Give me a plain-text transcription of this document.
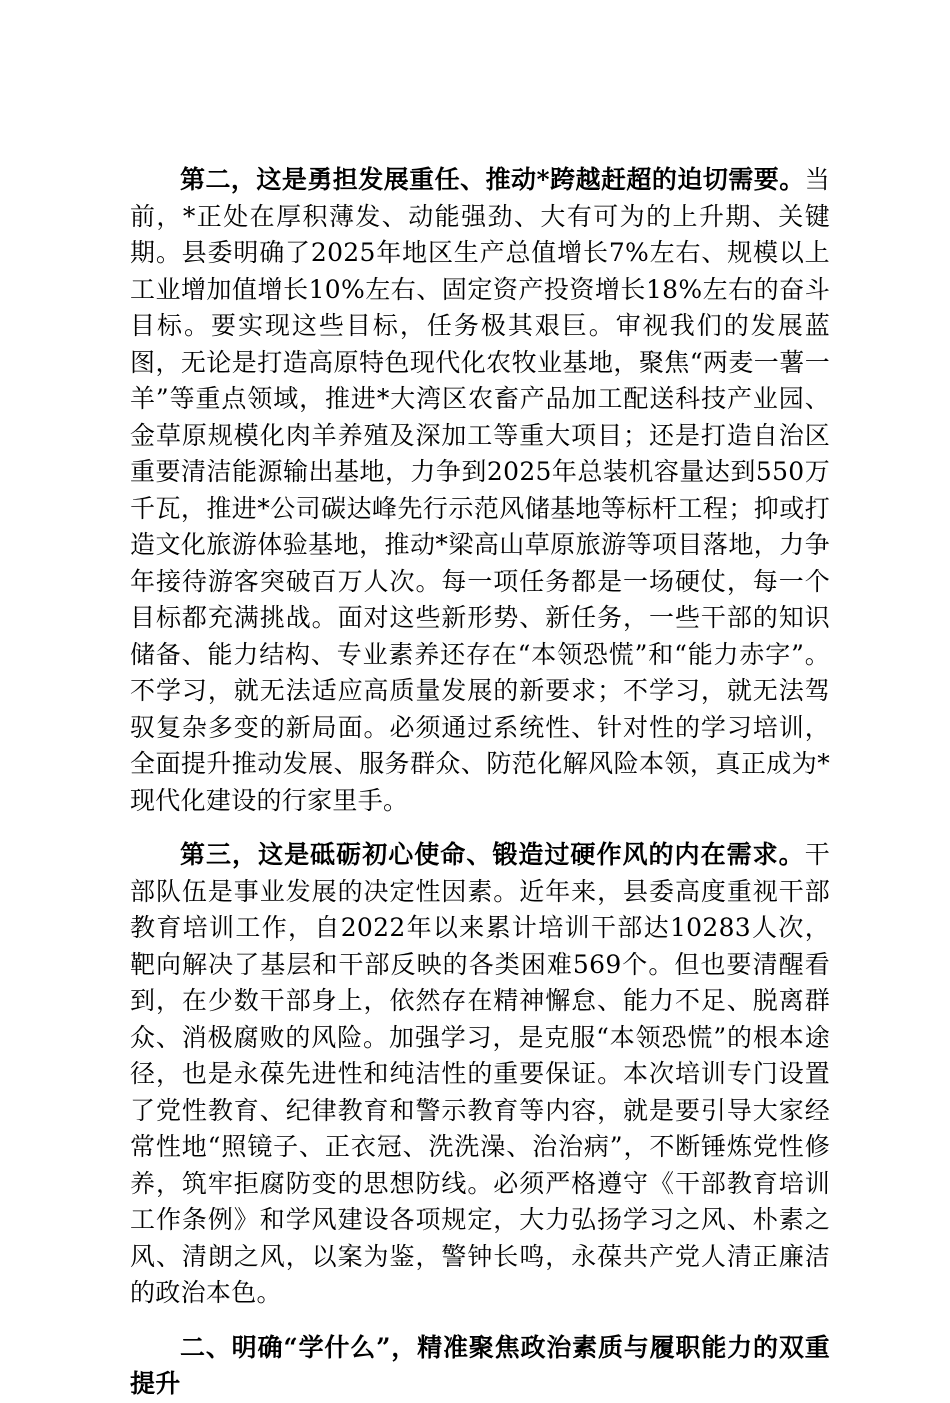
第二，这是勇担发展重任、推动*跨越赶超的迫切需要。当前，*正处在厚积薄发、动能强劲、大有可为的上升期、关键期。县委明确了2025年地区生产总值增长7%左右、规模以上工业增加值增长10%左右、固定资产投资增长18%左右的奋斗目标。要实现这些目标，任务极其艰巨。审视我们的发展蓝图，无论是打造高原特色现代化农牧业基地，聚焦“两麦一薯一羊”等重点领域，推进*大湾区农畜产品加工配送科技产业园、金草原规模化肉羊养殖及深加工等重大项目；还是打造自治区重要清洁能源输出基地，力争到2025年总装机容量达到550万千瓦，推进*公司碳达峰先行示范风储基地等标杆工程；抑或打造文化旅游体验基地，推动*梁高山草原旅游等项目落地，力争年接待游客突破百万人次。每一项任务都是一场硬仗，每一个目标都充满挑战。面对这些新形势、新任务，一些干部的知识储备、能力结构、专业素养还存在“本领恐慌”和“能力赤字”。不学习，就无法适应高质量发展的新要求；不学习，就无法驾驭复杂多变的新局面。必须通过系统性、针对性的学习培训，全面提升推动发展、服务群众、防范化解风险本领，真正成为*现代化建设的行家里手。

第三，这是砥砺初心使命、锻造过硬作风的内在需求。干部队伍是事业发展的决定性因素。近年来，县委高度重视干部教育培训工作，自2022年以来累计培训干部达10283人次，靶向解决了基层和干部反映的各类困难569个。但也要清醒看到，在少数干部身上，依然存在精神懈怠、能力不足、脱离群众、消极腐败的风险。加强学习，是克服“本领恐慌”的根本途径，也是永葆先进性和纯洁性的重要保证。本次培训专门设置了党性教育、纪律教育和警示教育等内容，就是要引导大家经常性地“照镜子、正衣冠、洗洗澡、治治病”，不断锤炼党性修养，筑牢拒腐防变的思想防线。必须严格遵守《干部教育培训工作条例》和学风建设各项规定，大力弘扬学习之风、朴素之风、清朗之风，以案为鉴，警钟长鸣，永葆共产党人清正廉洁的政治本色。

二、明确“学什么”，精准聚焦政治素质与履职能力的双重提升
